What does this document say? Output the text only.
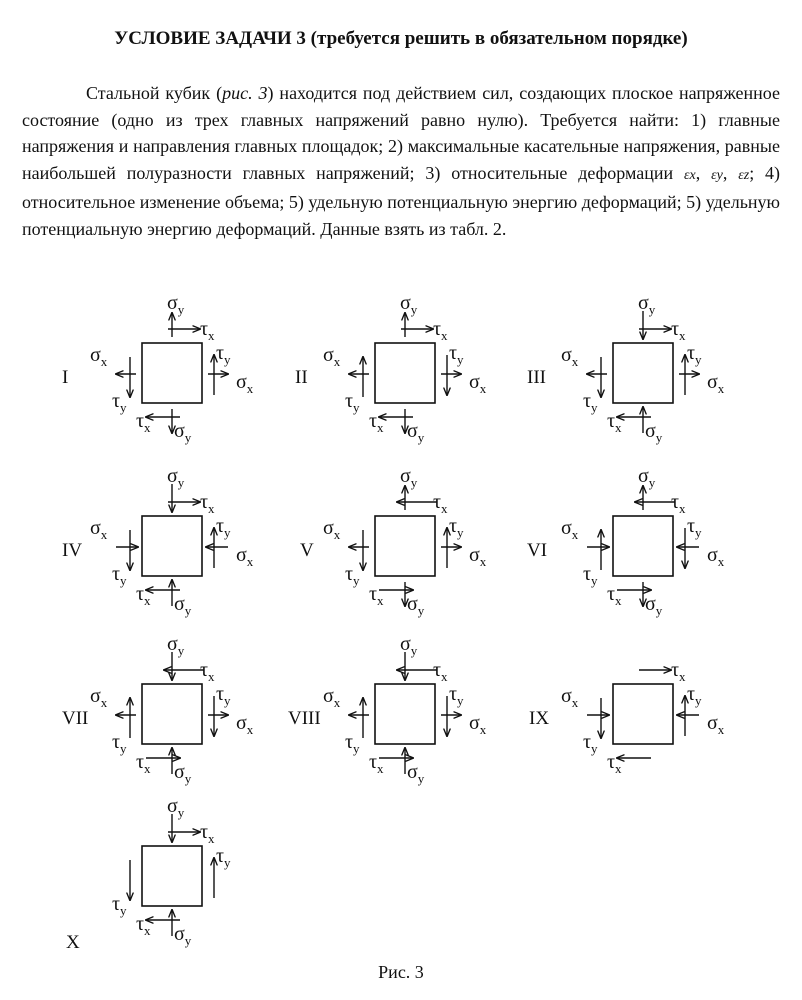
УСЛОВИЕ ЗАДАЧИ 3 (требуется решить в обязательном порядке)
Стальной кубик (рис. 3) находится под действием сил, создающих плоское напряженное состояние (одно из трех главных напряжений равно нулю). Требуется найти: 1) главные напряжения и направления главных площадок; 2) максимальные касательные напряжения, равные наибольшей полуразности главных напряжений; 3) относительные деформации εx, εy, εz; 4) относительное изменение объема; 5) удельную потенциальную энергию деформаций; 5) удельную потенциальную энергию деформаций. Данные взять из табл. 2.
I
$\sigma_x$
$\sigma_x$
$\sigma_y$
$\sigma_y$
$\tau_x$
$\tau_x$
$\tau_y$
$\tau_y$
II
$\sigma_x$
$\sigma_x$
$\sigma_y$
$\sigma_y$
$\tau_x$
$\tau_x$
$\tau_y$
$\tau_y$
III
$\sigma_x$
$\sigma_x$
$\sigma_y$
$\sigma_y$
$\tau_x$
$\tau_x$
$\tau_y$
$\tau_y$
IV
$\sigma_x$
$\sigma_x$
$\sigma_y$
$\sigma_y$
$\tau_x$
$\tau_x$
$\tau_y$
$\tau_y$
V
$\sigma_x$
$\sigma_x$
$\sigma_y$
$\sigma_y$
$\tau_x$
$\tau_x$
$\tau_y$
$\tau_y$
VI
$\sigma_x$
$\sigma_x$
$\sigma_y$
$\sigma_y$
$\tau_x$
$\tau_x$
$\tau_y$
$\tau_y$
VII
$\sigma_x$
$\sigma_x$
$\sigma_y$
$\sigma_y$
$\tau_x$
$\tau_x$
$\tau_y$
$\tau_y$
VIII
$\sigma_x$
$\sigma_x$
$\sigma_y$
$\sigma_y$
$\tau_x$
$\tau_x$
$\tau_y$
$\tau_y$
IX
$\sigma_x$
$\sigma_x$
$\tau_x$
$\tau_x$
$\tau_y$
$\tau_y$
X
$\sigma_y$
$\sigma_y$
$\tau_x$
$\tau_x$
$\tau_y$
$\tau_y$
Рис. 3
